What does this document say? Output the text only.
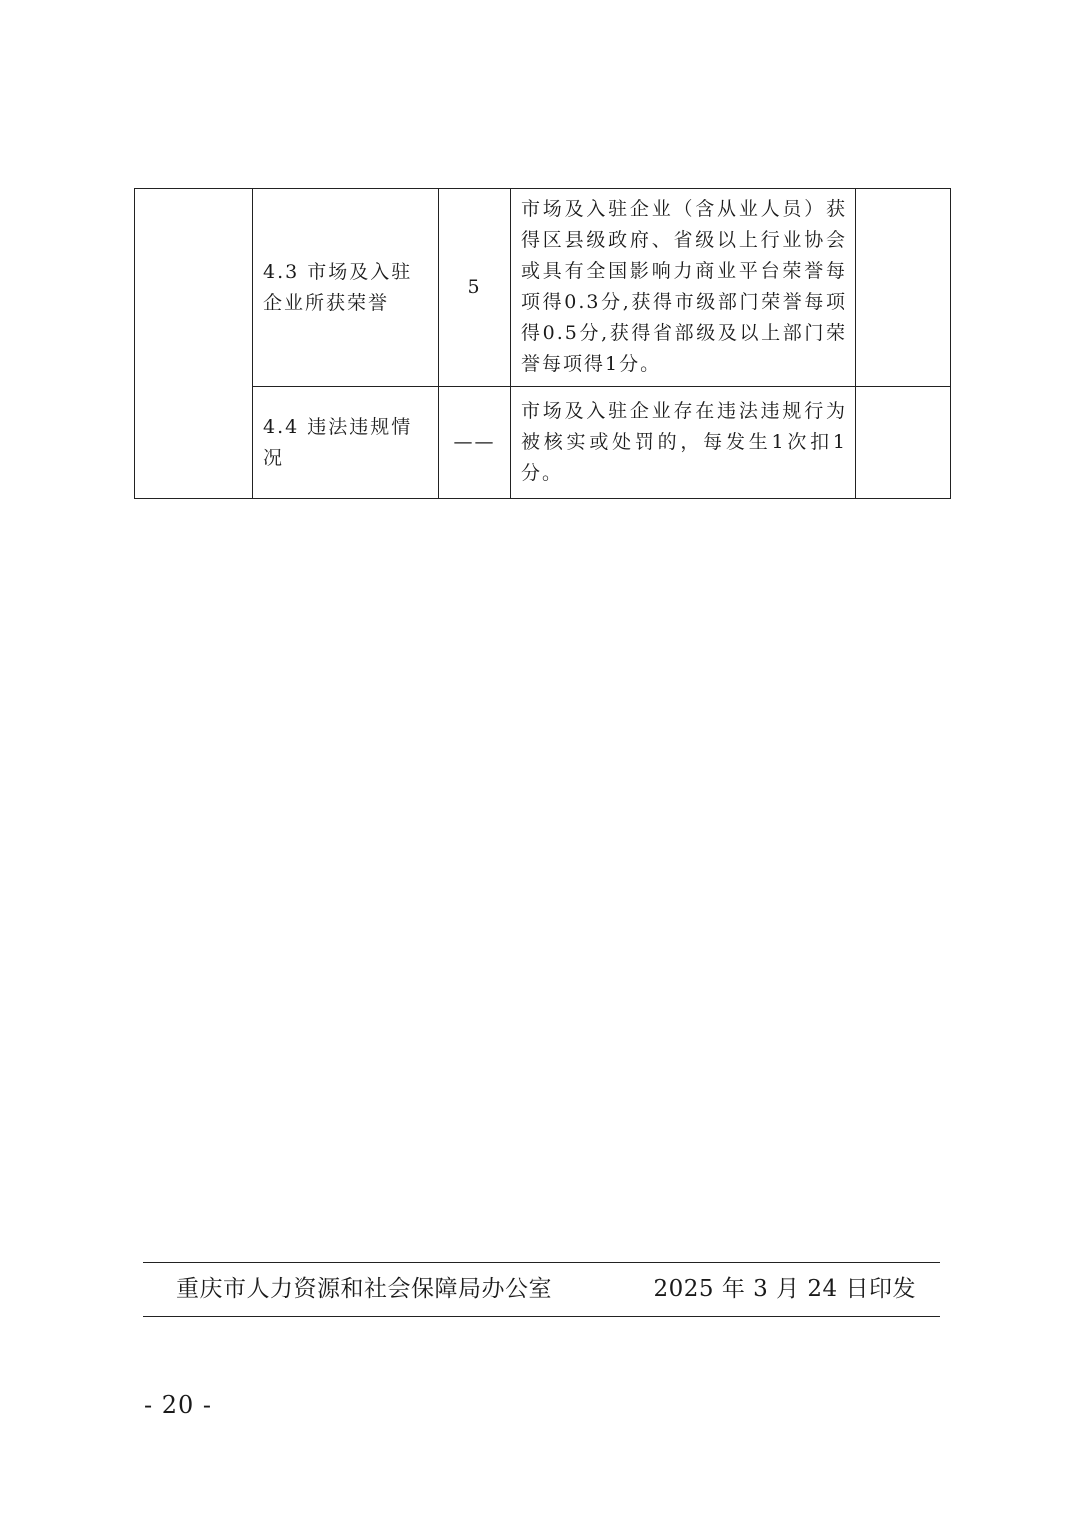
	4.3 市场及入驻企业所获荣誉	5	市场及入驻企业（含从业人员）获得区县级政府、省级以上行业协会或具有全国影响力商业平台荣誉每项得0.3分,获得市级部门荣誉每项得0.5分,获得省部级及以上部门荣誉每项得1分。	
	4.4 违法违规情况	——	市场及入驻企业存在违法违规行为被核实或处罚的，每发生1次扣1分。	
重庆市人力资源和社会保障局办公室	2025 年 3 月 24 日印发
- 20 -
